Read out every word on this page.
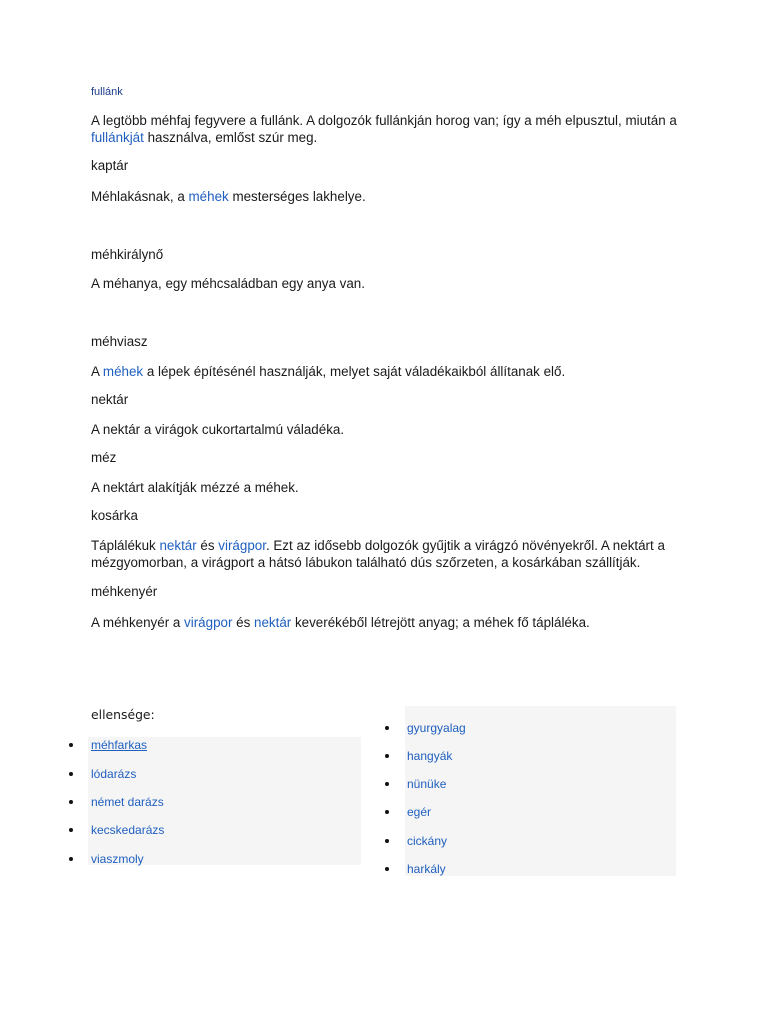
fullánk
A legtöbb méhfaj fegyvere a fullánk. A dolgozók fullánkján horog van; így a méh elpusztul, miután a fullánkját használva, emlőst szúr meg.
kaptár
Méhlakásnak, a méhek mesterséges lakhelye.
méhkirálynő
A méhanya, egy méhcsaládban egy anya van.
méhviasz
A méhek a lépek építésénél használják, melyet saját váladékaikból állítanak elő.
nektár
A nektár a virágok cukortartalmú váladéka.
méz
A nektárt alakítják mézzé a méhek.
kosárka
Táplálékuk nektár és virágpor. Ezt az idősebb dolgozók gyűjtik a virágzó növényekről. A nektárt a mézgyomorban, a virágport a hátsó lábukon található dús szőrzeten, a kosárkában szállítják.
méhkenyér
A méhkenyér a virágpor és nektár keverékéből létrejött anyag; a méhek fő tápláléka.
ellensége:
méhfarkas
lódarázs
német darázs
kecskedarázs
viaszmoly
gyurgyalag
hangyák
nünüke
egér
cickány
harkály
